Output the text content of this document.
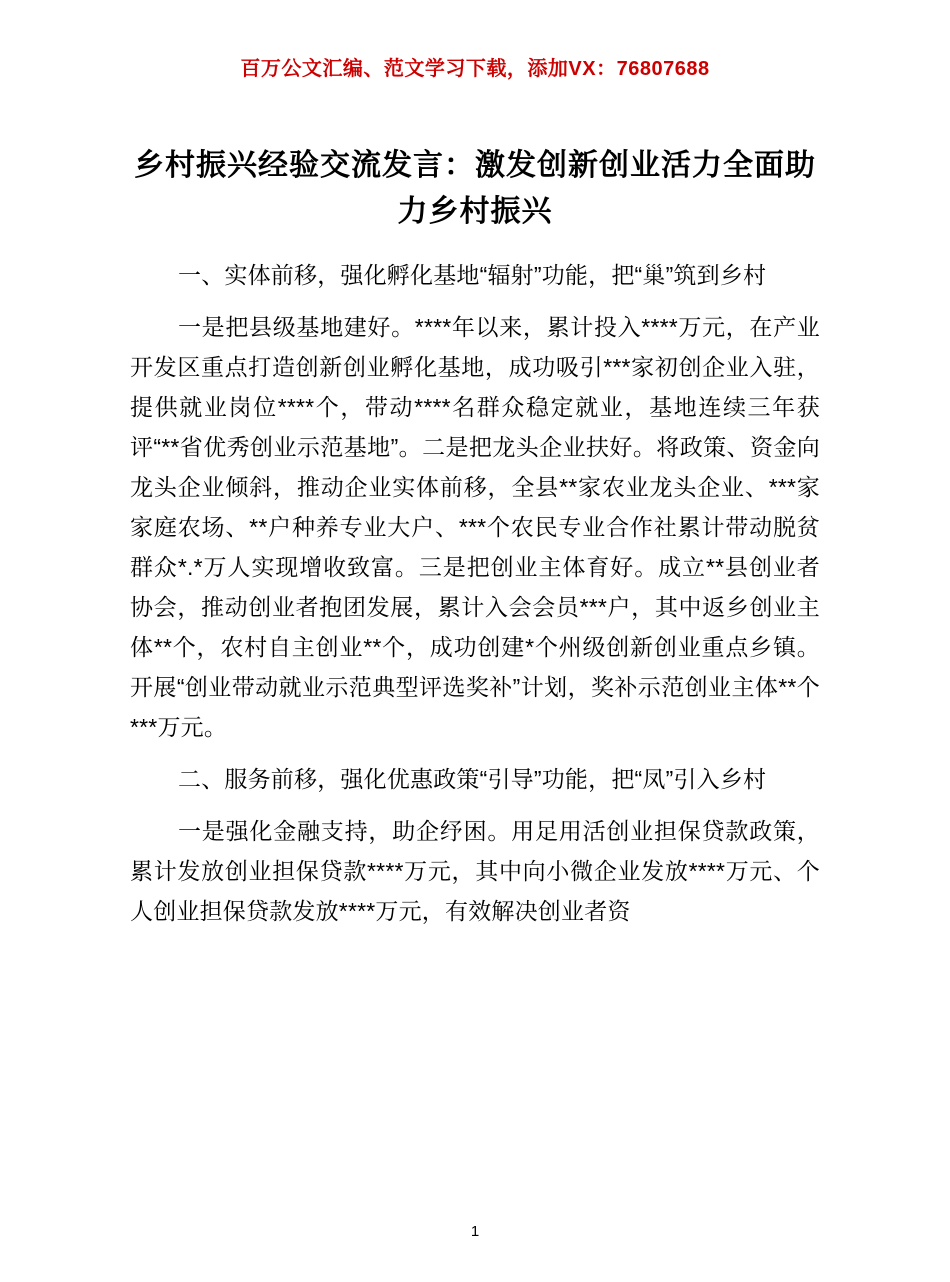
百万公文汇编、范文学习下载，添加VX：76807688
乡村振兴经验交流发言：激发创新创业活力全面助力乡村振兴

一、实体前移，强化孵化基地“辐射”功能，把“巢”筑到乡村

一是把县级基地建好。****年以来，累计投入****万元，在产业开发区重点打造创新创业孵化基地，成功吸引***家初创企业入驻，提供就业岗位****个，带动****名群众稳定就业，基地连续三年获评“**省优秀创业示范基地”。二是把龙头企业扶好。将政策、资金向龙头企业倾斜，推动企业实体前移，全县**家农业龙头企业、***家家庭农场、**户种养专业大户、***个农民专业合作社累计带动脱贫群众*.*万人实现增收致富。三是把创业主体育好。成立**县创业者协会，推动创业者抱团发展，累计入会会员***户，其中返乡创业主体**个，农村自主创业**个，成功创建*个州级创新创业重点乡镇。开展“创业带动就业示范典型评选奖补”计划，奖补示范创业主体**个***万元。

二、服务前移，强化优惠政策“引导”功能，把“凤”引入乡村

一是强化金融支持，助企纾困。用足用活创业担保贷款政策，累计发放创业担保贷款****万元，其中向小微企业发放****万元、个人创业担保贷款发放****万元，有效解决创业者资

1
